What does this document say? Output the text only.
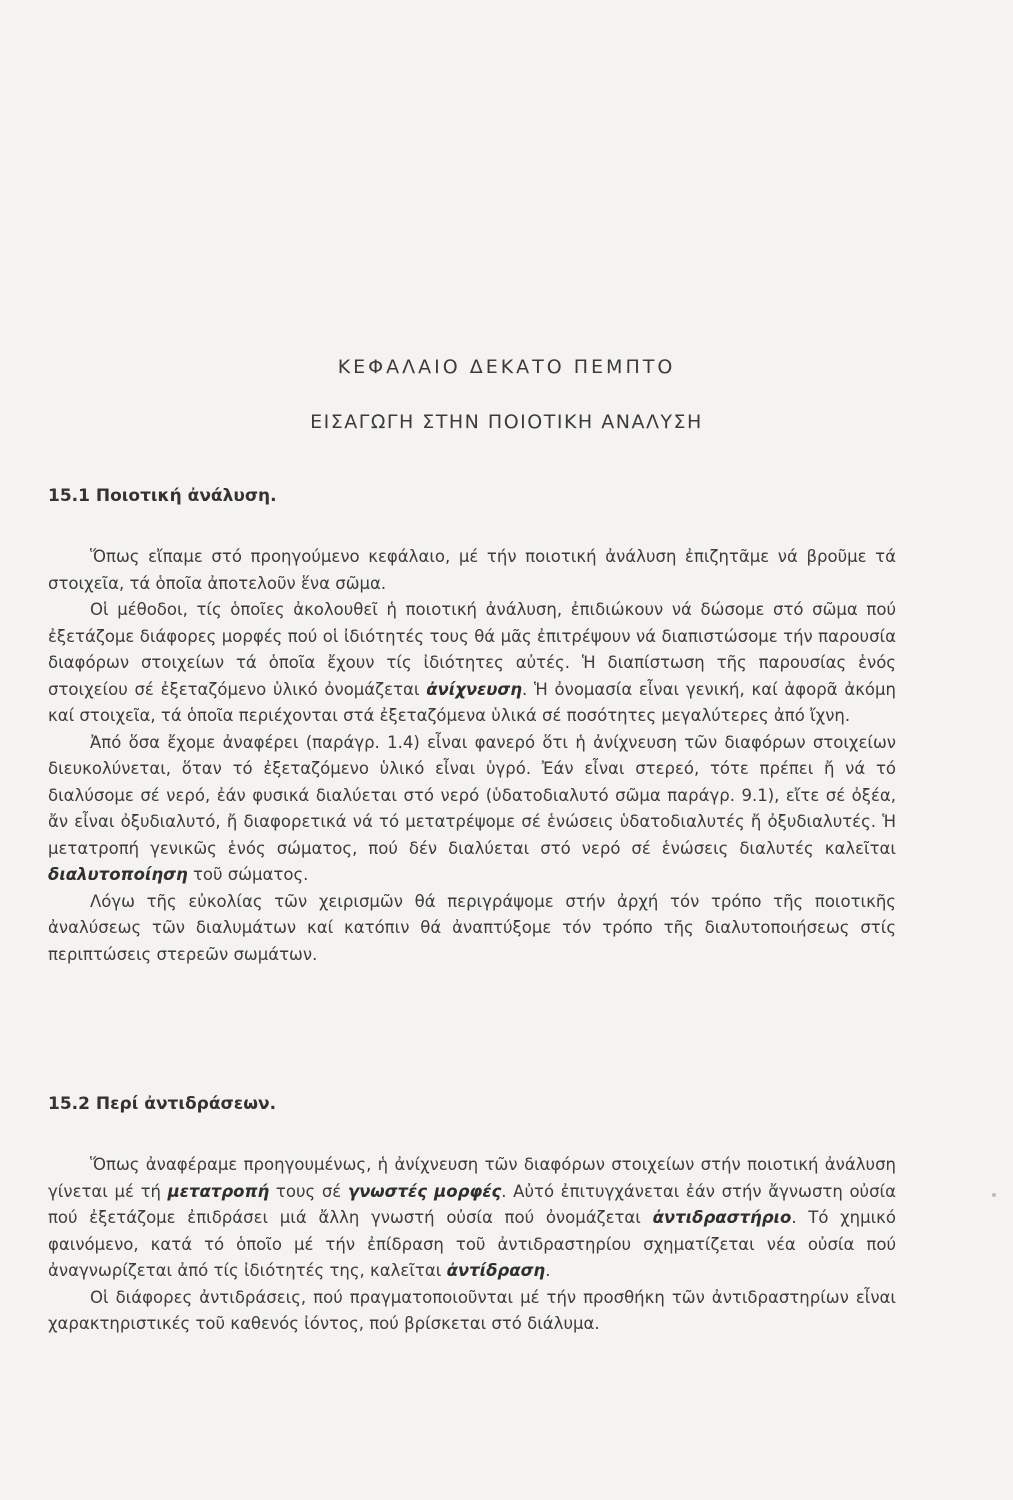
ΚΕΦΑΛΑΙΟ ΔΕΚΑΤΟ ΠΕΜΠΤΟ
ΕΙΣΑΓΩΓΗ ΣΤΗΝ ΠΟΙΟΤΙΚΗ ΑΝΑΛΥΣΗ
15.1 Ποιοτική ἀνάλυση.

Ὅπως εἴπαμε στό προηγούμενο κεφάλαιο, μέ τήν ποιοτική ἀνάλυση ἐπιζητᾶμε νά βροῦμε τά στοιχεῖα, τά ὁποῖα ἀποτελοῦν ἕνα σῶμα.

Οἱ μέθοδοι, τίς ὁποῖες ἀκολουθεῖ ἡ ποιοτική ἀνάλυση, ἐπιδιώκουν νά δώσομε στό σῶμα πού ἐξετάζομε διάφορες μορφές πού οἱ ἰδιότητές τους θά μᾶς ἐπιτρέψουν νά διαπιστώσομε τήν παρουσία διαφόρων στοιχείων τά ὁποῖα ἔχουν τίς ἰδιότητες αὐτές. Ἡ διαπίστωση τῆς παρουσίας ἑνός στοιχείου σέ ἐξεταζόμενο ὑλικό ὀνομάζεται ἀνίχνευση. Ἡ ὀνομασία εἶναι γενική, καί ἀφορᾶ ἀκόμη καί στοιχεῖα, τά ὁποῖα περιέχονται στά ἐξεταζόμενα ὑλικά σέ ποσότητες μεγαλύτερες ἀπό ἴχνη.

Ἀπό ὅσα ἔχομε ἀναφέρει (παράγρ. 1.4) εἶναι φανερό ὅτι ἡ ἀνίχνευση τῶν διαφόρων στοιχείων διευκολύνεται, ὅταν τό ἐξεταζόμενο ὑλικό εἶναι ὑγρό. Ἐάν εἶναι στερεό, τότε πρέπει ἤ νά τό διαλύσομε σέ νερό, ἐάν φυσικά διαλύεται στό νερό (ὑδατοδιαλυτό σῶμα παράγρ. 9.1), εἴτε σέ ὀξέα, ἄν εἶναι ὀξυδιαλυτό, ἤ διαφορετικά νά τό μετατρέψομε σέ ἑνώσεις ὑδατοδιαλυτές ἤ ὀξυδιαλυτές. Ἡ μετατροπή γενικῶς ἑνός σώματος, πού δέν διαλύεται στό νερό σέ ἑνώσεις διαλυτές καλεῖται διαλυτοποίηση τοῦ σώματος.

Λόγω τῆς εὐκολίας τῶν χειρισμῶν θά περιγράψομε στήν ἀρχή τόν τρόπο τῆς ποιοτικῆς ἀναλύσεως τῶν διαλυμάτων καί κατόπιν θά ἀναπτύξομε τόν τρόπο τῆς διαλυτοποιήσεως στίς περιπτώσεις στερεῶν σωμάτων.

15.2 Περί ἀντιδράσεων.

Ὅπως ἀναφέραμε προηγουμένως, ἡ ἀνίχνευση τῶν διαφόρων στοιχείων στήν ποιοτική ἀνάλυση γίνεται μέ τή μετατροπή τους σέ γνωστές μορφές. Αὐτό ἐπιτυγχάνεται ἐάν στήν ἄγνωστη οὐσία πού ἐξετάζομε ἐπιδράσει μιά ἄλλη γνωστή οὐσία πού ὀνομάζεται ἀντιδραστήριο. Τό χημικό φαινόμενο, κατά τό ὁποῖο μέ τήν ἐπίδραση τοῦ ἀντιδραστηρίου σχηματίζεται νέα οὐσία πού ἀναγνωρίζεται ἀπό τίς ἰδιότητές της, καλεῖται ἀντίδραση.

Οἱ διάφορες ἀντιδράσεις, πού πραγματοποιοῦνται μέ τήν προσθήκη τῶν ἀντιδραστηρίων εἶναι χαρακτηριστικές τοῦ καθενός ἰόντος, πού βρίσκεται στό διάλυμα.
